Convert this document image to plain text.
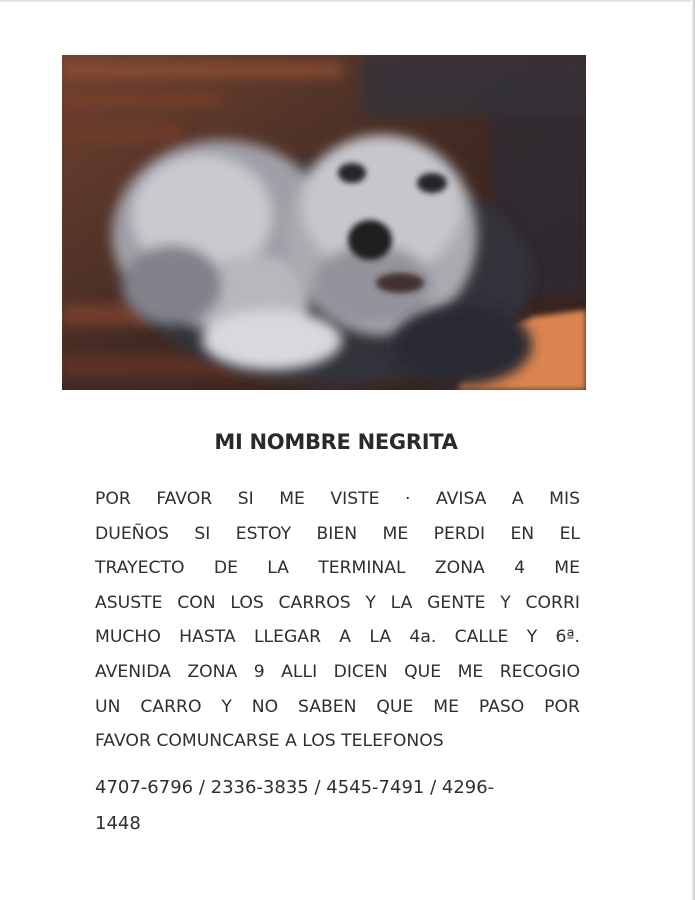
MI NOMBRE NEGRITA
POR FAVOR SI ME VISTE · AVISA A MIS
DUEÑOS SI ESTOY BIEN ME PERDI EN EL
TRAYECTO DE LA TERMINAL ZONA 4 ME
ASUSTE CON LOS CARROS Y LA GENTE Y CORRI
MUCHO HASTA LLEGAR A LA 4a. CALLE Y 6ª.
AVENIDA ZONA 9 ALLI DICEN QUE ME RECOGIO
UN CARRO Y NO SABEN QUE ME PASO POR
FAVOR COMUNCARSE A LOS TELEFONOS
4707-6796 / 2336-3835 / 4545-7491 / 4296-
1448
